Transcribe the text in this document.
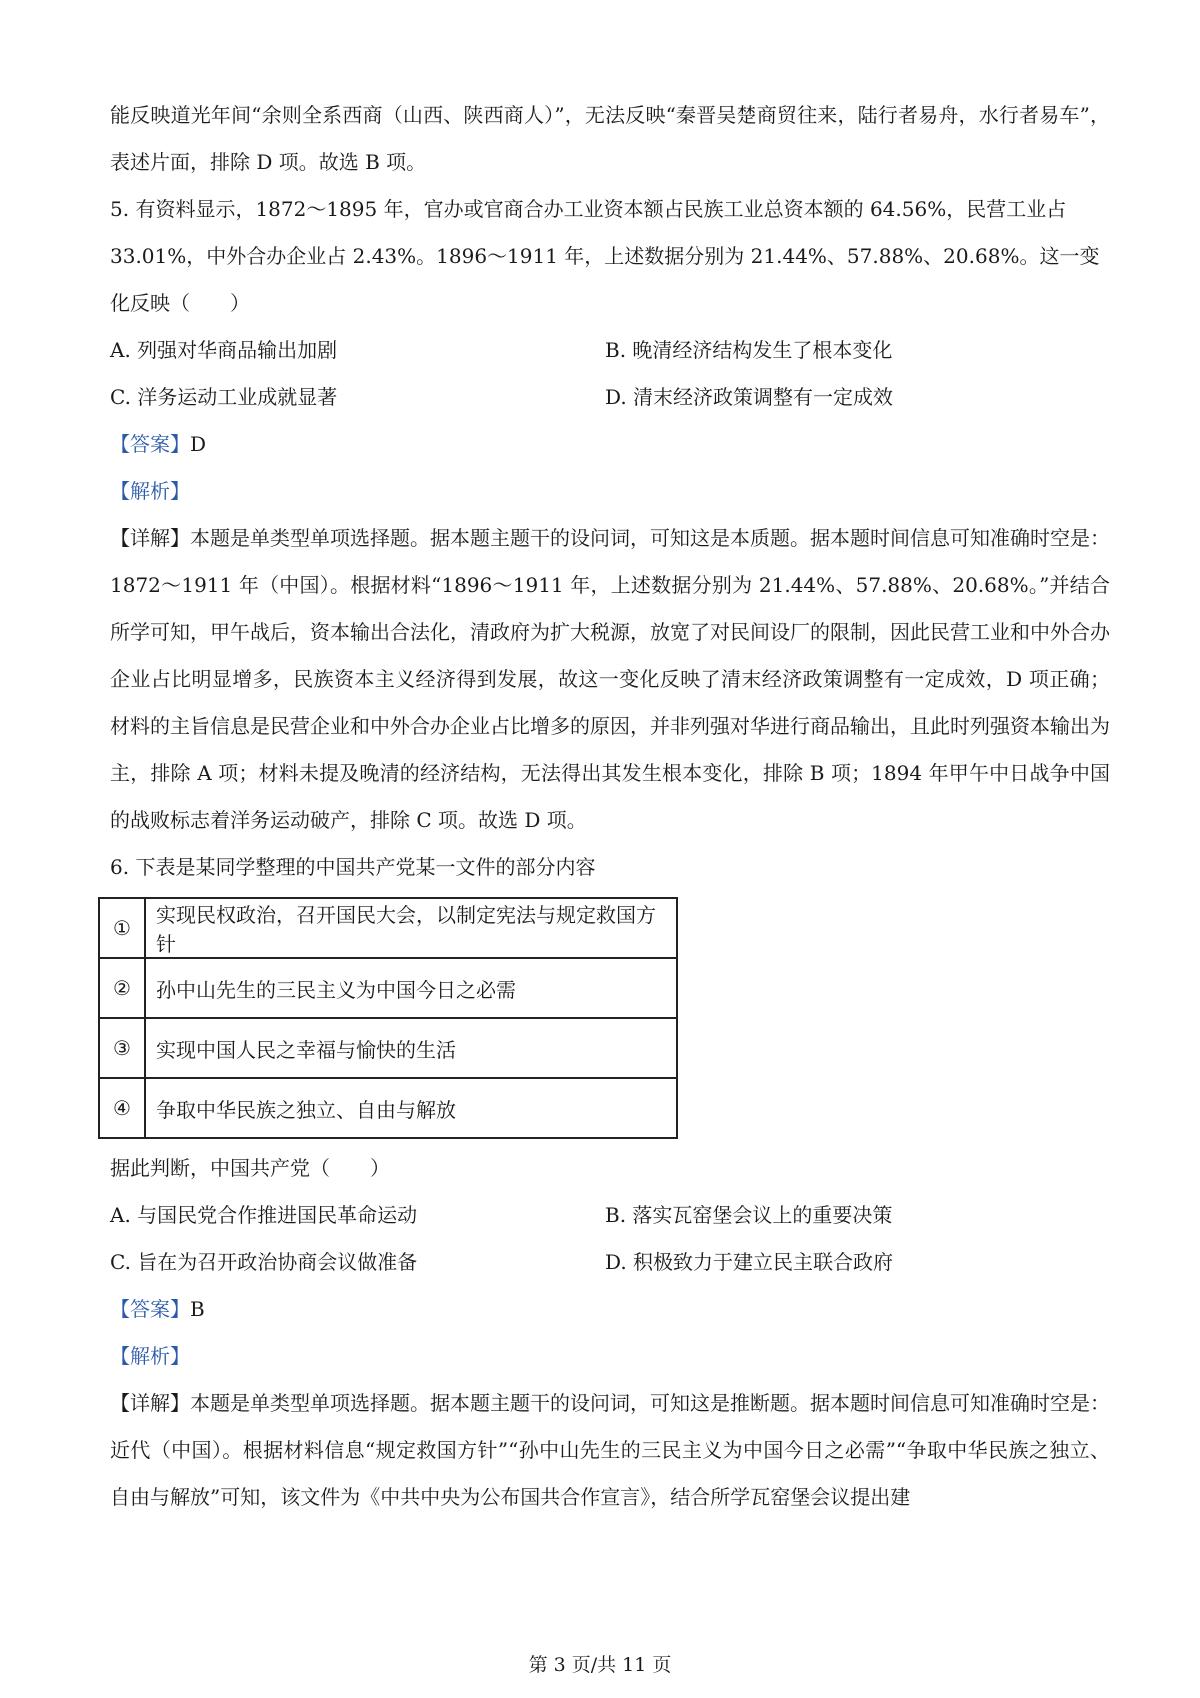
能反映道光年间“余则全系西商（山西、陕西商人）”，无法反映“秦晋吴楚商贸往来，陆行者易舟，水行者易车”，表述片面，排除 D 项。故选 B 项。

5. 有资料显示，1872～1895 年，官办或官商合办工业资本额占民族工业总资本额的 64.56%，民营工业占 33.01%，中外合办企业占 2.43%。1896～1911 年，上述数据分别为 21.44%、57.88%、20.68%。这一变化反映（　　）

A. 列强对华商品输出加剧	B. 晚清经济结构发生了根本变化
C. 洋务运动工业成就显著	D. 清末经济政策调整有一定成效

【答案】D

【解析】

【详解】本题是单类型单项选择题。据本题主题干的设问词，可知这是本质题。据本题时间信息可知准确时空是：1872～1911 年（中国）。根据材料“1896～1911 年，上述数据分别为 21.44%、57.88%、20.68%。”并结合所学可知，甲午战后，资本输出合法化，清政府为扩大税源，放宽了对民间设厂的限制，因此民营工业和中外合办企业占比明显增多，民族资本主义经济得到发展，故这一变化反映了清末经济政策调整有一定成效，D 项正确；材料的主旨信息是民营企业和中外合办企业占比增多的原因，并非列强对华进行商品输出，且此时列强资本输出为主，排除 A 项；材料未提及晚清的经济结构，无法得出其发生根本变化，排除 B 项；1894 年甲午中日战争中国的战败标志着洋务运动破产，排除 C 项。故选 D 项。

6. 下表是某同学整理的中国共产党某一文件的部分内容

①	实现民权政治，召开国民大会，以制定宪法与规定救国方针
②	孙中山先生的三民主义为中国今日之必需
③	实现中国人民之幸福与愉快的生活
④	争取中华民族之独立、自由与解放

据此判断，中国共产党（　　）

A. 与国民党合作推进国民革命运动	B. 落实瓦窑堡会议上的重要决策
C. 旨在为召开政治协商会议做准备	D. 积极致力于建立民主联合政府

【答案】B

【解析】

【详解】本题是单类型单项选择题。据本题主题干的设问词，可知这是推断题。据本题时间信息可知准确时空是：近代（中国）。根据材料信息“规定救国方针”“孙中山先生的三民主义为中国今日之必需”“争取中华民族之独立、自由与解放”可知，该文件为《中共中央为公布国共合作宣言》，结合所学瓦窑堡会议提出建

第 3 页/共 11 页
